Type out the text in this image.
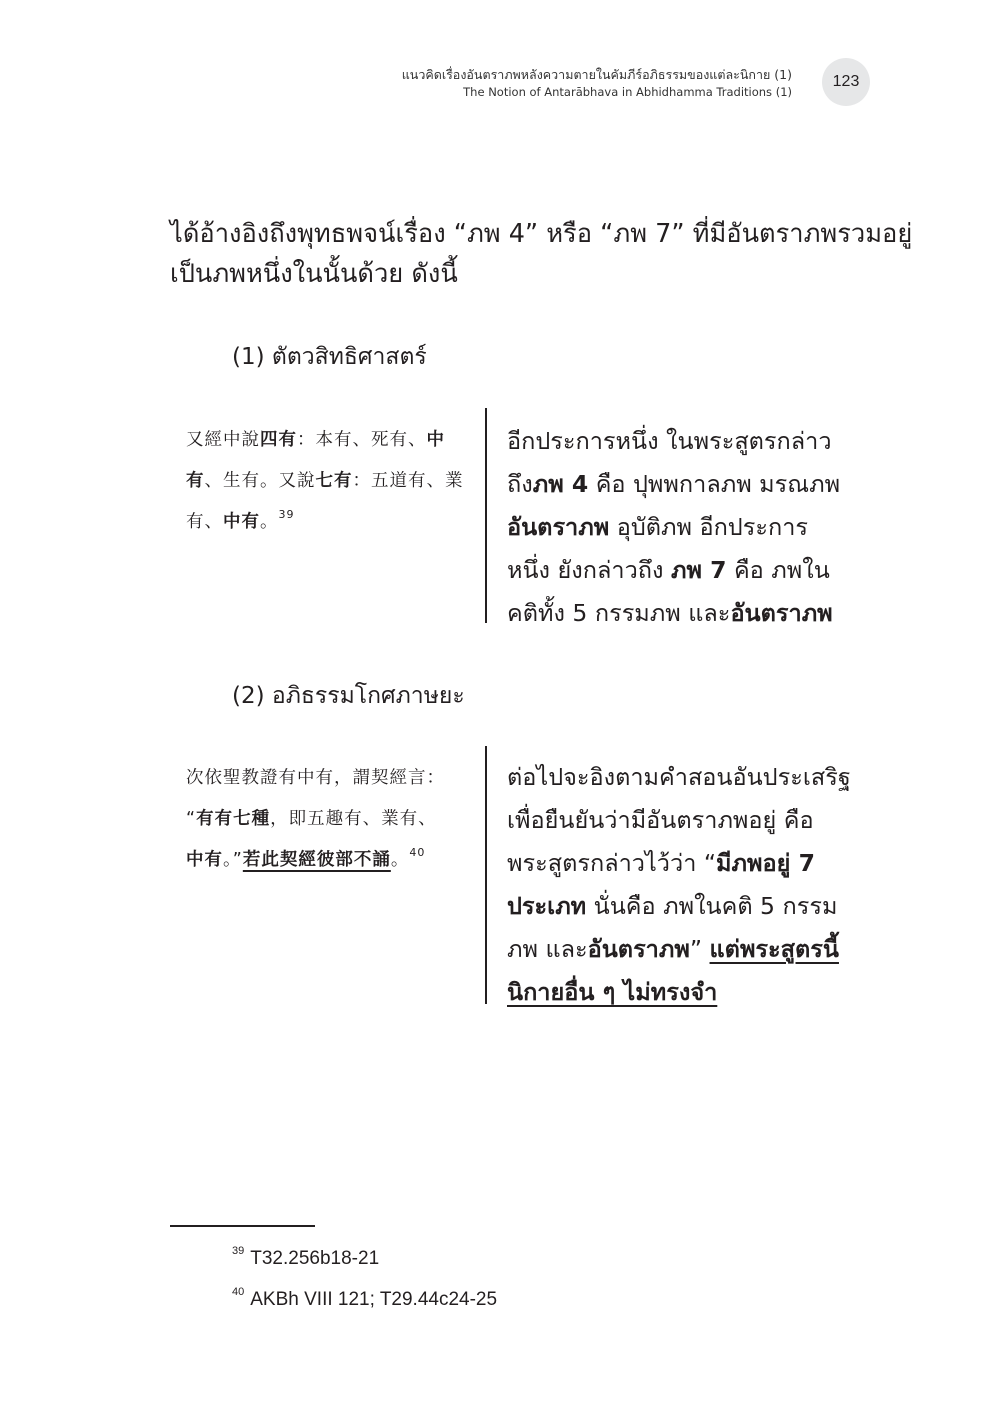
แนวคิดเรื่องอันตราภพหลังความตายในคัมภีร์อภิธรรมของแต่ละนิกาย (1)
The Notion of Antarābhava in Abhidhamma Traditions (1)
123

ได้อ้างอิงถึงพุทธพจน์เรื่อง “ภพ 4” หรือ “ภพ 7” ที่มีอันตราภพรวมอยู่

เป็นภพหนึ่งในนั้นด้วย ดังนี้

(1) ตัตวสิทธิศาสตร์

又經中說四有：本有、死有、中

有、生有。又說七有：五道有、業

有、中有。$^{39}$

อีกประการหนึ่ง ในพระสูตรกล่าว

ถึงภพ 4 คือ ปุพพกาลภพ มรณภพ

อันตราภพ อุบัติภพ อีกประการ

หนึ่ง ยังกล่าวถึง ภพ 7 คือ ภพใน

คติทั้ง 5 กรรมภพ และอันตราภพ

(2) อภิธรรมโกศภาษยะ

次依聖教證有中有，謂契經言：

“有有七種，即五趣有、業有、

中有。”若此契經彼部不誦。$^{40}$

ต่อไปจะอิงตามคำสอนอันประเสริฐ

เพื่อยืนยันว่ามีอันตราภพอยู่ คือ

พระสูตรกล่าวไว้ว่า “มีภพอยู่ 7

ประเภท นั่นคือ ภพในคติ 5 กรรม

ภพ และอันตราภพ” แต่พระสูตรนี้

นิกายอื่น ๆ ไม่ทรงจำ

$^{39}$ T32.256b18-21
$^{40}$ AKBh VIII 121; T29.44c24-25
